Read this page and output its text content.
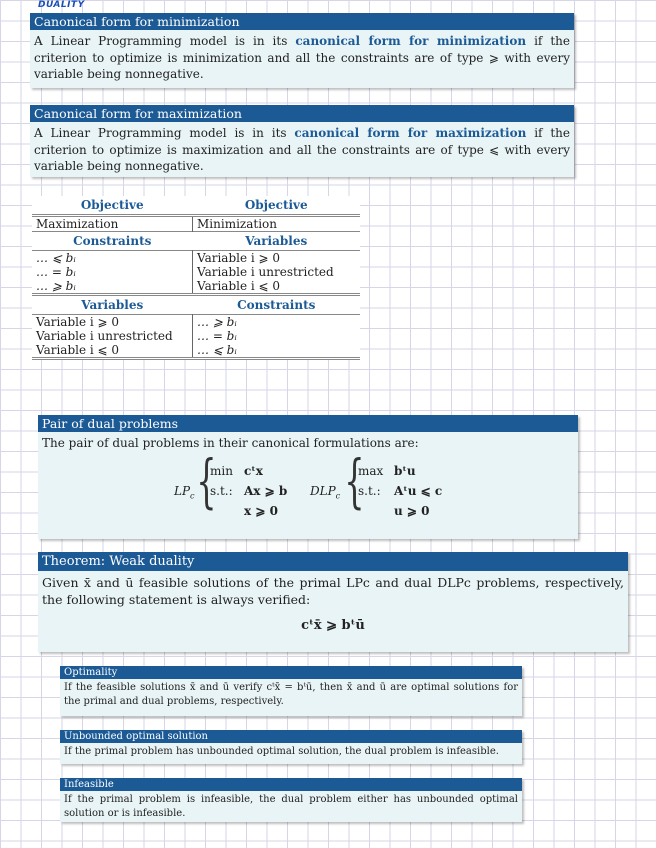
DUALITY
Canonical form for minimization
A Linear Programming model is in its canonical form for minimization if the criterion to optimize is minimization and all the constraints are of type ⩾ with every variable being nonnegative.
Canonical form for maximization
A Linear Programming model is in its canonical form for maximization if the criterion to optimize is maximization and all the constraints are of type ⩽ with every variable being nonnegative.
Objective	Objective
Maximization	Minimization
Constraints	Variables
… ⩽ bᵢ	Variable i ⩾ 0
… = bᵢ	Variable i unrestricted
… ⩾ bᵢ	Variable i ⩽ 0
Variables	Constraints
Variable i ⩾ 0	… ⩾ bᵢ
Variable i unrestricted	… = bᵢ
Variable i ⩽ 0	… ⩽ bᵢ
Pair of dual problems
The pair of dual problems in their canonical formulations are:
$LP_c$ {
min cᵗx
s.t.: Ax ⩾ b
x ⩾ 0
$DLP_c$ {
max bᵗu
s.t.: Aᵗu ⩽ c
u ⩾ 0
Theorem: Weak duality
Given x̄ and ū feasible solutions of the primal LPc and dual DLPc problems, respectively, the following statement is always verified:
cᵗx̄ ⩾ bᵗū
Optimality
If the feasible solutions x̄ and ū verify cᵗx̄ = bᵗū, then x̄ and ū are optimal solutions for the primal and dual problems, respectively.
Unbounded optimal solution
If the primal problem has unbounded optimal solution, the dual problem is infeasible.
Infeasible
If the primal problem is infeasible, the dual problem either has unbounded optimal solution or is infeasible.
